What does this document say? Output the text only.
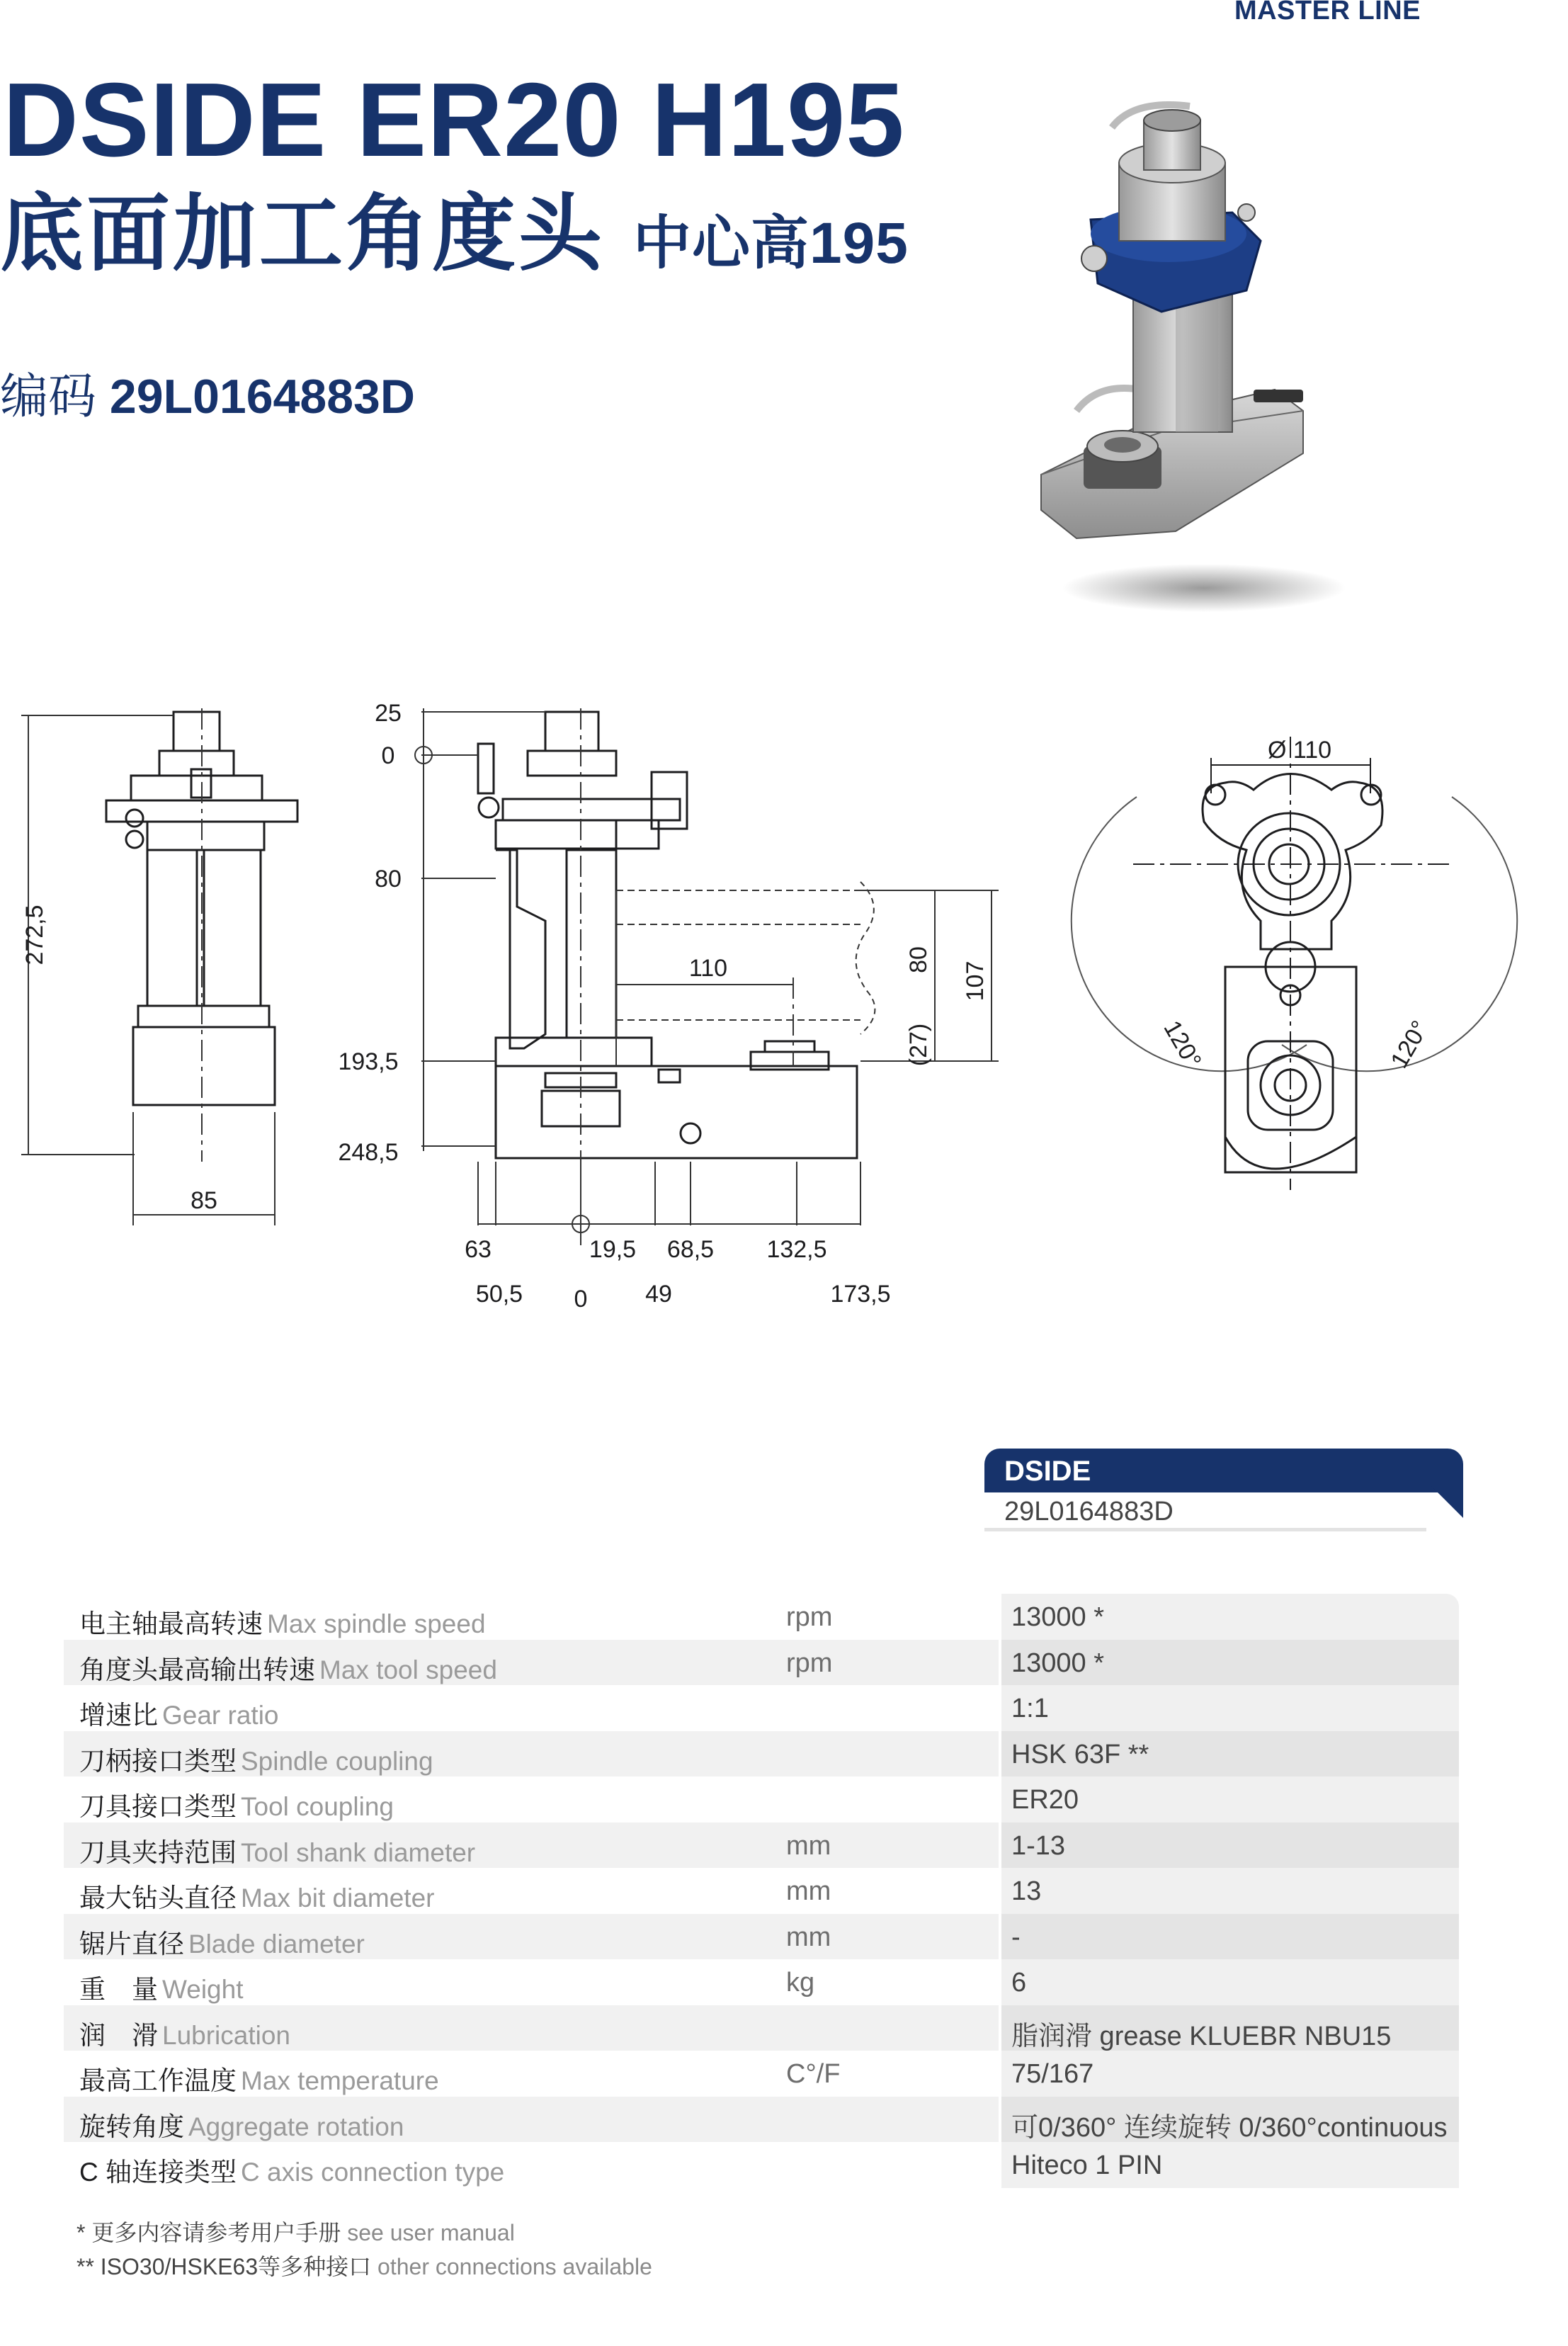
MASTER LINE
DSIDE ER20 H195
底面加工角度头 中心高195
编码 29L0164883D
272,5
85
25
0
80
193,5
248,5
63	19,5 68,5 132,5
50,5 0 49	173,5
110	80
107
(27)
Ø 110
120°	120°
DSIDE
29L0164883D
电主轴最高转速 Max spindle speed	rpm	13000 *
角度头最高输出转速 Max tool speed	rpm	13000 *
增速比 Gear ratio	1:1
刀柄接口类型 Spindle coupling	HSK 63F **
刀具接口类型 Tool coupling	ER20
刀具夹持范围 Tool shank diameter	mm	1-13
最大钻头直径 Max bit diameter	mm	13
锯片直径 Blade diameter	mm	-
重　量 Weight	kg	6
润　滑 Lubrication	脂润滑 grease KLUEBR NBU15
最高工作温度 Max temperature	C°/F	75/167
旋转角度 Aggregate rotation	可0/360° 连续旋转 0/360°continuous
C 轴连接类型 C axis connection type	Hiteco 1 PIN
* 更多内容请参考用户手册 see user manual
** ISO30/HSKE63等多种接口 other connections available
